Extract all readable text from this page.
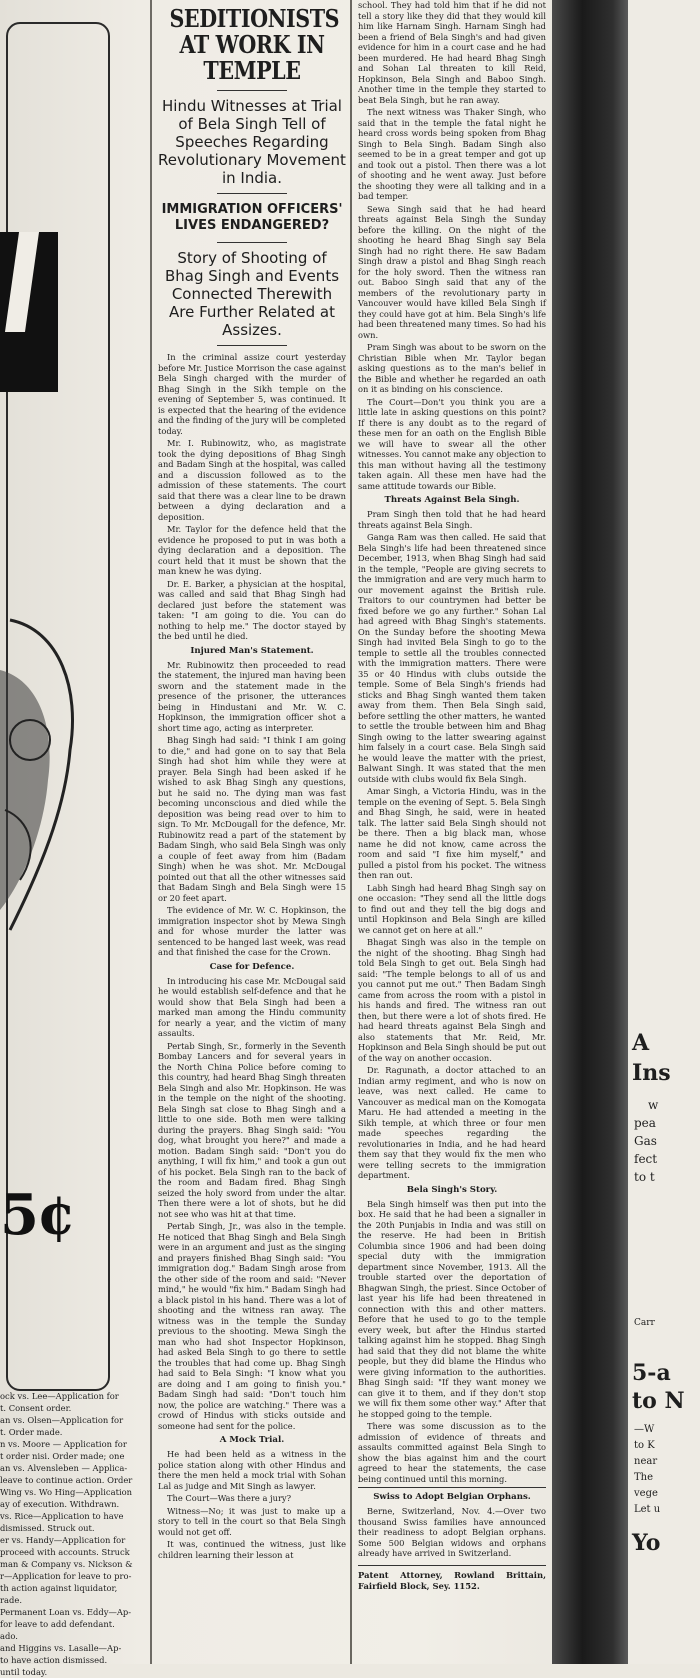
5¢
ock vs. Lee—Application for
t. Consent order.
an vs. Olsen—Application for
t. Order made.
n vs. Moore — Application for
t order nisi. Order made; one
an vs. Alvensleben — Applica-
leave to continue action. Order
Wing vs. Wo Hing—Application
ay of execution. Withdrawn.
vs. Rice—Application to have
dismissed. Struck out.
er vs. Handy—Application for
proceed with accounts. Struck
man & Company vs. Nickson &
r—Application for leave to pro-
th action against liquidator,
rade.
Permanent Loan vs. Eddy—Ap-
for leave to add defendant.
ado.
and Higgins vs. Lasalle—Ap-
to have action dismissed.
until today.
SEDITIONISTS AT WORK IN TEMPLE
Hindu Witnesses at Trial of Bela Singh Tell of Speeches Regarding Revolutionary Movement in India.
IMMIGRATION OFFICERS' LIVES ENDANGERED?
Story of Shooting of Bhag Singh and Events Connected Therewith Are Further Related at Assizes.

In the criminal assize court yesterday before Mr. Justice Morrison the case against Bela Singh charged with the murder of Bhag Singh in the Sikh temple on the evening of September 5, was continued. It is expected that the hearing of the evidence and the finding of the jury will be completed today.

Mr. I. Rubinowitz, who, as magistrate took the dying depositions of Bhag Singh and Badam Singh at the hospital, was called and a discussion followed as to the admission of these statements. The court said that there was a clear line to be drawn between a dying declaration and a deposition.

Mr. Taylor for the defence held that the evidence he proposed to put in was both a dying declaration and a deposition. The court held that it must be shown that the man knew he was dying.

Dr. E. Barker, a physician at the hospital, was called and said that Bhag Singh had declared just before the statement was taken: "I am going to die. You can do nothing to help me." The doctor stayed by the bed until he died.

Injured Man's Statement.

Mr. Rubinowitz then proceeded to read the statement, the injured man having been sworn and the statement made in the presence of the prisoner, the utterances being in Hindustani and Mr. W. C. Hopkinson, the immigration officer shot a short time ago, acting as interpreter.

Bhag Singh had said: "I think I am going to die," and had gone on to say that Bela Singh had shot him while they were at prayer. Bela Singh had been asked if he wished to ask Bhag Singh any questions, but he said no. The dying man was fast becoming unconscious and died while the deposition was being read over to him to sign. To Mr. McDougall for the defence, Mr. Rubinowitz read a part of the statement by Badam Singh, who said Bela Singh was only a couple of feet away from him (Badam Singh) when he was shot. Mr. McDougal pointed out that all the other witnesses said that Badam Singh and Bela Singh were 15 or 20 feet apart.

The evidence of Mr. W. C. Hopkinson, the immigration inspector shot by Mewa Singh and for whose murder the latter was sentenced to be hanged last week, was read and that finished the case for the Crown.

Case for Defence.

In introducing his case Mr. McDougal said he would establish self-defence and that he would show that Bela Singh had been a marked man among the Hindu community for nearly a year, and the victim of many assaults.

Pertab Singh, Sr., formerly in the Seventh Bombay Lancers and for several years in the North China Police before coming to this country, had heard Bhag Singh threaten Bela Singh and also Mr. Hopkinson. He was in the temple on the night of the shooting. Bela Singh sat close to Bhag Singh and a little to one side. Both men were talking during the prayers. Bhag Singh said: "You dog, what brought you here?" and made a motion. Badam Singh said: "Don't you do anything, I will fix him," and took a gun out of his pocket. Bela Singh ran to the back of the room and Badam fired. Bhag Singh seized the holy sword from under the altar. Then there were a lot of shots, but he did not see who was hit at that time.

Pertab Singh, Jr., was also in the temple. He noticed that Bhag Singh and Bela Singh were in an argument and just as the singing and prayers finished Bhag Singh said: "You immigration dog." Badam Singh arose from the other side of the room and said: "Never mind," he would "fix him." Badam Singh had a black pistol in his hand. There was a lot of shooting and the witness ran away. The witness was in the temple the Sunday previous to the shooting. Mewa Singh the man who had shot Inspector Hopkinson, had asked Bela Singh to go there to settle the troubles that had come up. Bhag Singh had said to Bela Singh: "I know what you are doing and I am going to finish you." Badam Singh had said: "Don't touch him now, the police are watching." There was a crowd of Hindus with sticks outside and someone had sent for the police.

A Mock Trial.

He had been held as a witness in the police station along with other Hindus and there the men held a mock trial with Sohan Lal as judge and Mit Singh as lawyer.

The Court—Was there a jury?

Witness—No; it was just to make up a story to tell in the court so that Bela Singh would not get off.

It was, continued the witness, just like children learning their lesson at

school. They had told him that if he did not tell a story like they did that they would kill him like Harnam Singh. Harnam Singh had been a friend of Bela Singh's and had given evidence for him in a court case and he had been murdered. He had heard Bhag Singh and Sohan Lal threaten to kill Reid, Hopkinson, Bela Singh and Baboo Singh. Another time in the temple they started to beat Bela Singh, but he ran away.

The next witness was Thaker Singh, who said that in the temple the fatal night he heard cross words being spoken from Bhag Singh to Bela Singh. Badam Singh also seemed to be in a great temper and got up and took out a pistol. Then there was a lot of shooting and he went away. Just before the shooting they were all talking and in a bad temper.

Sewa Singh said that he had heard threats against Bela Singh the Sunday before the killing. On the night of the shooting he heard Bhag Singh say Bela Singh had no right there. He saw Badam Singh draw a pistol and Bhag Singh reach for the holy sword. Then the witness ran out. Baboo Singh said that any of the members of the revolutionary party in Vancouver would have killed Bela Singh if they could have got at him. Bela Singh's life had been threatened many times. So had his own.

Pram Singh was about to be sworn on the Christian Bible when Mr. Taylor began asking questions as to the man's belief in the Bible and whether he regarded an oath on it as binding on his conscience.

The Court—Don't you think you are a little late in asking questions on this point? If there is any doubt as to the regard of these men for an oath on the English Bible we will have to swear all the other witnesses. You cannot make any objection to this man without having all the testimony taken again. All these men have had the same attitude towards our Bible.

Threats Against Bela Singh.

Pram Singh then told that he had heard threats against Bela Singh.

Ganga Ram was then called. He said that Bela Singh's life had been threatened since December, 1913, when Bhag Singh had said in the temple, "People are giving secrets to the immigration and are very much harm to our movement against the British rule. Traitors to our countrymen had better be fixed before we go any further." Sohan Lal had agreed with Bhag Singh's statements. On the Sunday before the shooting Mewa Singh had invited Bela Singh to go to the temple to settle all the troubles connected with the immigration matters. There were 35 or 40 Hindus with clubs outside the temple. Some of Bela Singh's friends had sticks and Bhag Singh wanted them taken away from them. Then Bela Singh said, before settling the other matters, he wanted to settle the trouble between him and Bhag Singh owing to the latter swearing against him falsely in a court case. Bela Singh said he would leave the matter with the priest, Balwant Singh. It was stated that the men outside with clubs would fix Bela Singh.

Amar Singh, a Victoria Hindu, was in the temple on the evening of Sept. 5. Bela Singh and Bhag Singh, he said, were in heated talk. The latter said Bela Singh should not be there. Then a big black man, whose name he did not know, came across the room and said "I fixe him myself," and pulled a pistol from his pocket. The witness then ran out.

Labh Singh had heard Bhag Singh say on one occasion: "They send all the little dogs to find out and they tell the big dogs and until Hopkinson and Bela Singh are killed we cannot get on here at all."

Bhagat Singh was also in the temple on the night of the shooting. Bhag Singh had told Bela Singh to get out. Bela Singh had said: "The temple belongs to all of us and you cannot put me out." Then Badam Singh came from across the room with a pistol in his hands and fired. The witness ran out then, but there were a lot of shots fired. He had heard threats against Bela Singh and also statements that Mr. Reid, Mr. Hopkinson and Bela Singh should be put out of the way on another occasion.

Dr. Ragunath, a doctor attached to an Indian army regiment, and who is now on leave, was next called. He came to Vancouver as medical man on the Komogata Maru. He had attended a meeting in the Sikh temple, at which three or four men made speeches regarding the revolutionaries in India, and he had heard them say that they would fix the men who were telling secrets to the immigration department.

Bela Singh's Story.

Bela Singh himself was then put into the box. He said that he had been a signaller in the 20th Punjabis in India and was still on the reserve. He had been in British Columbia since 1906 and had been doing special duty with the immigration department since November, 1913. All the trouble started over the deportation of Bhagwan Singh, the priest. Since October of last year his life had been threatened in connection with this and other matters. Before that he used to go to the temple every week, but after the Hindus started talking against him he stopped. Bhag Singh had said that they did not blame the white people, but they did blame the Hindus who were giving information to the authorities. Bhag Singh said: "If they want money we can give it to them, and if they don't stop we will fix them some other way." After that he stopped going to the temple.

There was some discussion as to the admission of evidence of threats and assaults committed against Bela Singh to show the bias against him and the court agreed to hear the statements, the case being continued until this morning.

Swiss to Adopt Belgian Orphans.

Berne, Switzerland, Nov. 4.—Over two thousand Swiss families have announced their readiness to adopt Belgian orphans. Some 500 Belgian widows and orphans already have arrived in Switzerland.

Patent Attorney, Rowland Brittain, Fairfield Block, Sey. 1152.
A
Ins
w
pea
Gas
fect
to t
Carr
5-a
to N
—W
to K
near
The
vege
Let u
Yo
